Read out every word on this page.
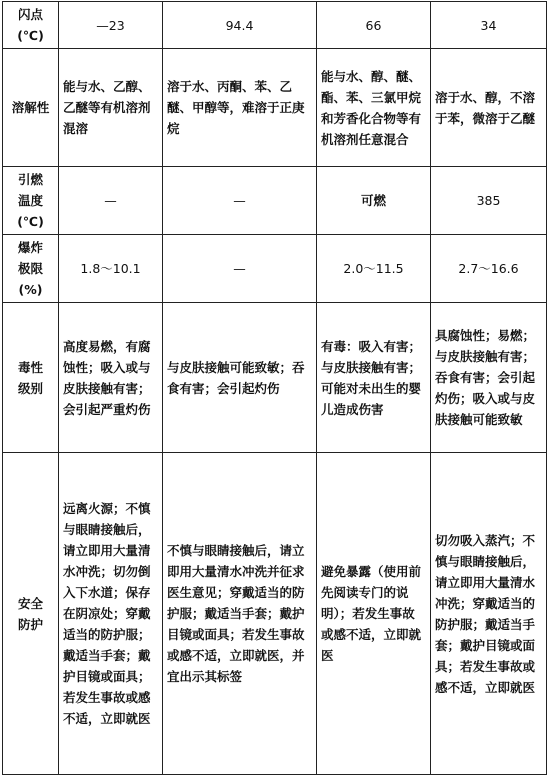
闪点
(℃)	—23	94.4	66	34
溶解性	能与水、乙醇、乙醚等有机溶剂混溶	溶于水、丙酮、苯、乙醚、甲醇等，难溶于正庚烷	能与水、醇、醚、酯、苯、三氯甲烷和芳香化合物等有机溶剂任意混合	溶于水、醇，不溶于苯，微溶于乙醚
引燃
温度
(℃)	—	—	可燃	385
爆炸
极限
(%)	1.8～10.1	—	2.0～11.5	2.7～16.6
毒性
级别	高度易燃，有腐蚀性；吸入或与皮肤接触有害；会引起严重灼伤	与皮肤接触可能致敏；吞食有害；会引起灼伤	有毒：吸入有害；与皮肤接触有害；可能对未出生的婴儿造成伤害	具腐蚀性；易燃；与皮肤接触有害；吞食有害；会引起灼伤；吸入或与皮肤接触可能致敏
安全
防护	远离火源；不慎与眼睛接触后，请立即用大量清水冲洗；切勿倒入下水道；保存在阴凉处；穿戴适当的防护服；戴适当手套；戴护目镜或面具；若发生事故或感不适，立即就医	不慎与眼睛接触后，请立即用大量清水冲洗并征求医生意见；穿戴适当的防护服；戴适当手套；戴护目镜或面具；若发生事故或感不适，立即就医，并宜出示其标签	避免暴露（使用前先阅读专门的说明）；若发生事故或感不适，立即就医	切勿吸入蒸汽；不慎与眼睛接触后，请立即用大量清水冲洗；穿戴适当的防护服；戴适当手套；戴护目镜或面具；若发生事故或感不适，立即就医
